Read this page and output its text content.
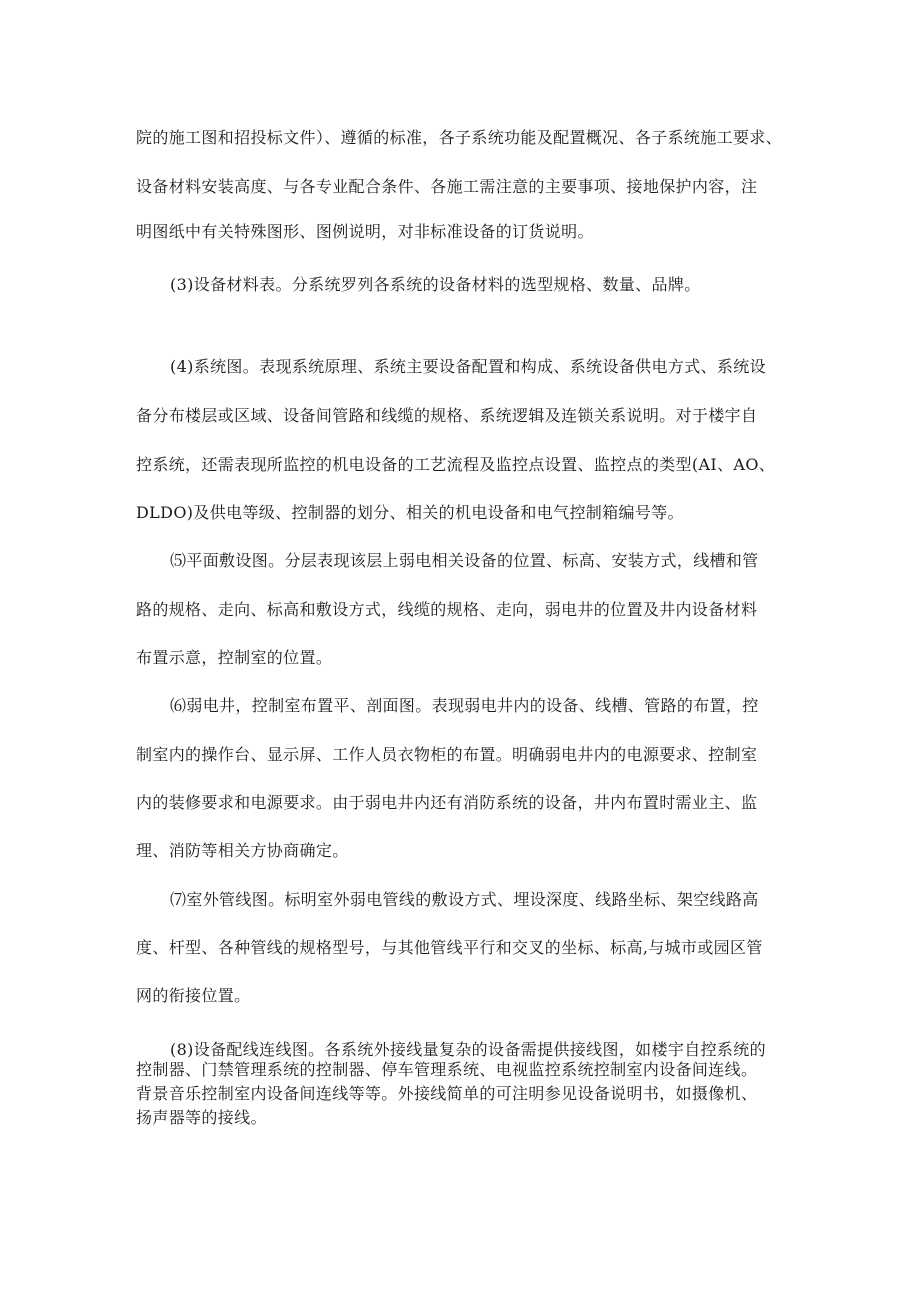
院的施工图和招投标文件）、遵循的标准，各子系统功能及配置概况、各子系统施工要求、
设备材料安装高度、与各专业配合条件、各施工需注意的主要事项、接地保护内容，注
明图纸中有关特殊图形、图例说明，对非标准设备的订货说明。
(3)设备材料表。分系统罗列各系统的设备材料的选型规格、数量、品牌。
(4)系统图。表现系统原理、系统主要设备配置和构成、系统设备供电方式、系统设
备分布楼层或区域、设备间管路和线缆的规格、系统逻辑及连锁关系说明。对于楼宇自
控系统，还需表现所监控的机电设备的工艺流程及监控点设置、监控点的类型(AI、AO、
DLDO)及供电等级、控制器的划分、相关的机电设备和电气控制箱编号等。
⑸平面敷设图。分层表现该层上弱电相关设备的位置、标高、安装方式，线槽和管
路的规格、走向、标高和敷设方式，线缆的规格、走向，弱电井的位置及井内设备材料
布置示意，控制室的位置。
⑹弱电井，控制室布置平、剖面图。表现弱电井内的设备、线槽、管路的布置，控
制室内的操作台、显示屏、工作人员衣物柜的布置。明确弱电井内的电源要求、控制室
内的装修要求和电源要求。由于弱电井内还有消防系统的设备，井内布置时需业主、监
理、消防等相关方协商确定。
⑺室外管线图。标明室外弱电管线的敷设方式、埋设深度、线路坐标、架空线路高
度、杆型、各种管线的规格型号，与其他管线平行和交叉的坐标、标高,与城市或园区管
网的衔接位置。
(8)设备配线连线图。各系统外接线量复杂的设备需提供接线图，如楼宇自控系统的
控制器、门禁管理系统的控制器、停车管理系统、电视监控系统控制室内设备间连线。
背景音乐控制室内设备间连线等等。外接线简单的可注明参见设备说明书，如摄像机、
扬声器等的接线。
